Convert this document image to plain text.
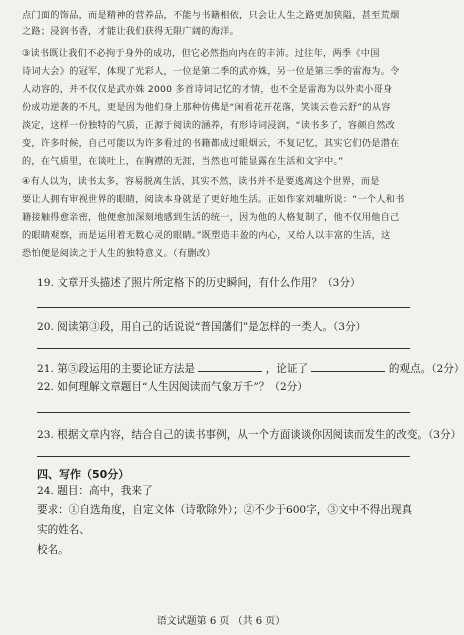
点门面的饰品，而是精神的营养品，不能与书籍相依，只会让人生之路更加狭隘，甚至荒烟
之路；浸润书香，才能让我们获得无限广阔的海洋。
③读书既让我们不必拘于身外的成功，但它必然指向内在的丰沛。过往年，两季《中国
诗词大会》的冠军，体现了光彩人，一位是第二季的武亦姝，另一位是第三季的雷海为。令
人动容的，并不仅仅是武亦姝 2000 多首诗词记忆的才情，也不全是雷海为以外卖小哥身
份成功逆袭的不凡，更是因为他们身上那种仿佛是“闲看花开花落，笑谈云卷云舒”的从容
淡定，这样一份独特的气质，正源于阅读的涵养，有形诗词浸润，“读书多了，容颜自然改
变，许多时候，自己可能以为许多看过的书籍都成过眼烟云，不复记忆，其实它们仍是潜在
的，在气质里，在谈吐上，在胸襟的无涯，当然也可能显露在生活和文字中。”
④有人以为，读书太多，容易脱离生活，其实不然，读书并不是要逃离这个世界，而是
要让人拥有审视世界的眼睛，阅读本身就是了更好地生活。正如作家刘墉所说：“一个人和书
籍接触得愈亲密，他便愈加深刻地感到生活的统一，因为他的人格复制了，他不仅用他自己
的眼睛观察，而是运用着无数心灵的眼睛。”既塑造丰盈的内心，又给人以丰富的生活，这
恐怕便是阅读之于人生的独特意义。（有删改）
19. 文章开头描述了照片所定格下的历史瞬间，有什么作用？（3分）
20. 阅读第③段，用自己的话说说“普国藩们”是怎样的一类人。（3分）
21. 第⑤段运用的主要论证方法是	，论证了	的观点。（2分）
22. 如何理解文章题目“人生因阅读而气象万千”？（2分）
23. 根据文章内容，结合自己的读书事例，从一个方面谈谈你因阅读而发生的改变。（3分）
四、写作（50分）
24. 题目：高中，我来了
要求：①自选角度，自定文体（诗歌除外）；②不少于600字，③文中不得出现真实的姓名、
校名。
语文试题第 6 页 （共 6 页）
